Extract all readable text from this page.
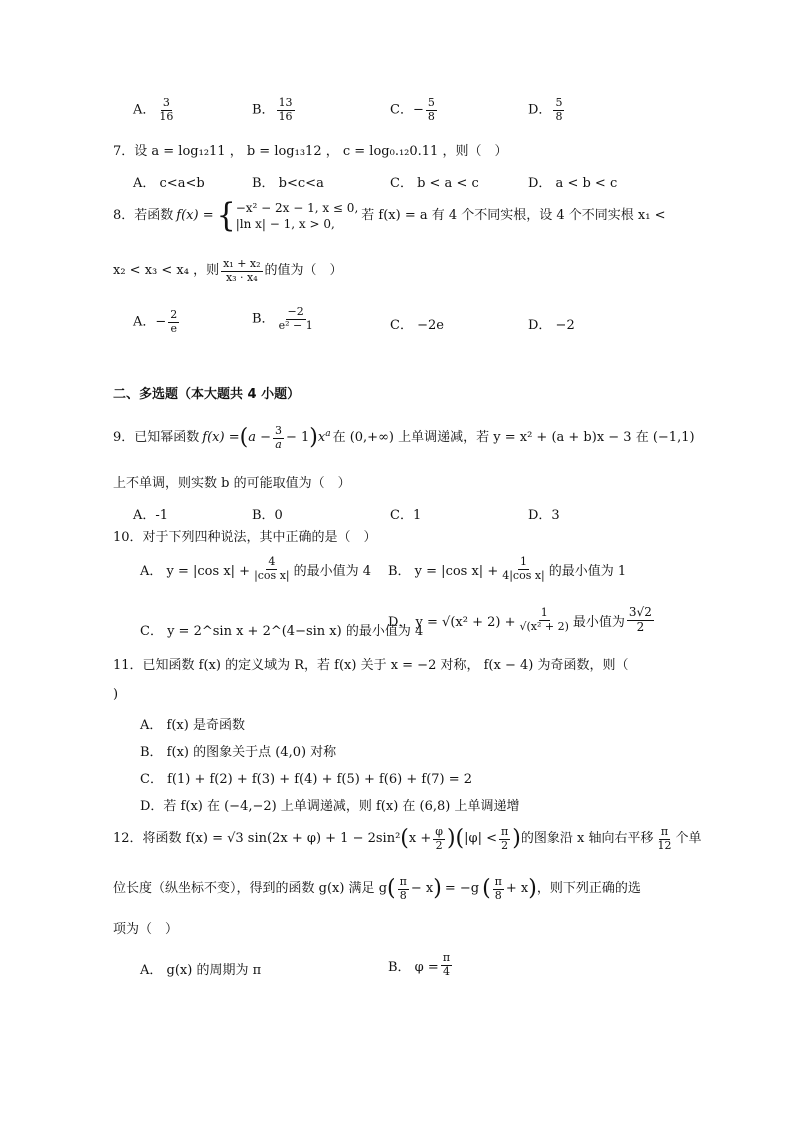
A． $\frac{3}{16}$	B． $\frac{13}{16}$	C．− $\frac{5}{8}$	D． $\frac{5}{8}$
7．设 a = log₁₂11 ， b = log₁₃12 ， c = log₀.₁₂0.11 ，则（　）
A． c<a<b	B． b<c<a	C． b < a < c	D． a < b < c
8．若函数 f(x) = { −x² − 2x − 1, x ≤ 0,
|ln x| − 1, x > 0,
若 f(x) = a 有 4 个不同实根，设 4 个不同实根 x₁ <
x₂ < x₃ < x₄ ，则 $\frac{\text{x₁ + x₂}}{\text{x₃ · x₄}}$ 的值为（　）
A．− $\frac{2}{e}$	B． $\frac{-2}{\text{e² − 1}}$	C． −2e	D． −2
二、多选题（本大题共 4 小题）
9．已知幂函数 f(x) = ( $a - \frac{3}{a} - 1$ ) $x^a$ 在 (0,+∞) 上单调递减，若 y = x² + (a + b)x − 3 在 (−1,1)
上不单调，则实数 b 的可能取值为（　）
A．-1	B．0	C．1	D．3
10．对于下列四种说法，其中正确的是（　）
A． y = |cos $x| + \frac{4}{\text{|cos x|}}$ 的最小值为 4 B． y = |cos $x| + \frac{1}{\text{4|cos x|}}$ 的最小值为 1
C． y = 2^sin x + 2^(4−sin x) 的最小值为 4
D． $y = √(x^2 + 2) + \frac{1}{\text{√(x² + 2)}}$ 最小值为 $\frac{3√2}{2}$
11．已知函数 f(x) 的定义域为 R，若 f(x) 关于 x = −2 对称， f(x − 4) 为奇函数，则（
)
A． f(x) 是奇函数
B． f(x) 的图象关于点 (4,0) 对称
C． f(1) + f(2) + f(3) + f(4) + f(5) + f(6) + f(7) = 2
D．若 f(x) 在 (−4,−2) 上单调递减，则 f(x) 在 (6,8) 上单调递增
12．将函数 f(x) = √3 sin(2x + φ) + 1 − 2sin² ( $x + \frac{\varphi}{2}$ ) ( $|\varphi| < \frac{\pi}{2}$ ) 的图象沿 x 轴向右平移 $\frac{\pi}{12}$ 个单
位长度（纵坐标不变），得到的函数 g(x) 满足 g ( $\frac{\pi}{8} - x$ ) = −g ( $\frac{\pi}{8} + x$ ) ，则下列正确的选
项为（　）
A． g(x) 的周期为 π	B． $\varphi = \frac{\pi}{4}$
